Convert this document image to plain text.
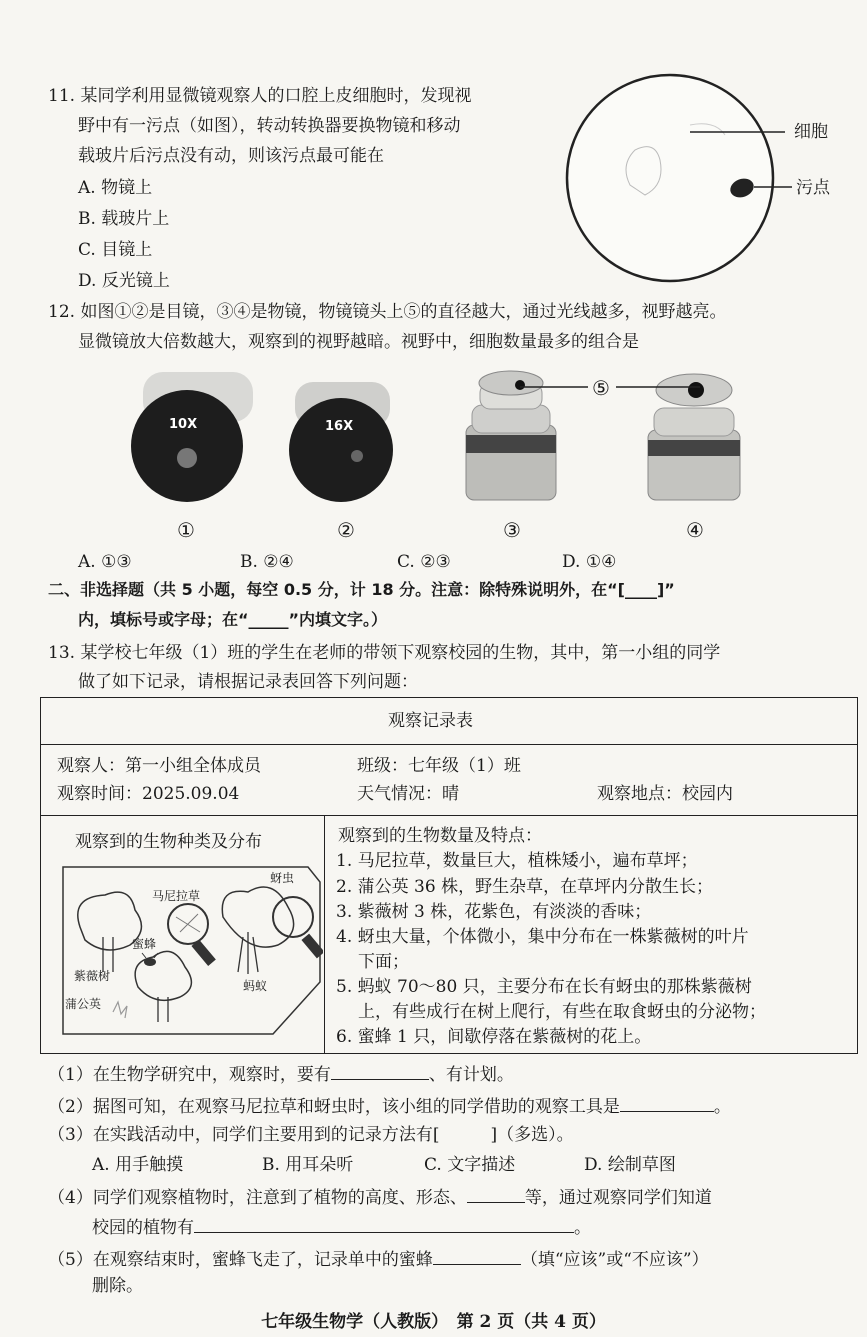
11. 某同学利用显微镜观察人的口腔上皮细胞时，发现视
野中有一污点（如图），转动转换器要换物镜和移动
载玻片后污点没有动，则该污点最可能在
A. 物镜上
B. 载玻片上
C. 目镜上
D. 反光镜上
细胞
污点
12. 如图①②是目镜，③④是物镜，物镜镜头上⑤的直径越大，通过光线越多，视野越亮。
显微镜放大倍数越大，观察到的视野越暗。视野中，细胞数量最多的组合是
10X	16X
⑤
①	②	③	④
A. ①③	B. ②④	C. ②③	D. ①④
二、非选择题（共 5 小题，每空 0.5 分，计 18 分。注意：除特殊说明外，在“[____]”
内，填标号或字母；在“_____”内填文字。）
13. 某学校七年级（1）班的学生在老师的带领下观察校园的生物，其中，第一小组的同学
做了如下记录，请根据记录表回答下列问题：
观察记录表
观察人：第一小组全体成员	班级：七年级（1）班
观察时间：2025.09.04	天气情况：晴	观察地点：校园内
观察到的生物种类及分布
蚜虫
马尼拉草
蜜蜂
紫薇树
蚂蚁
蒲公英
观察到的生物数量及特点：
1. 马尼拉草，数量巨大，植株矮小，遍布草坪；
2. 蒲公英 36 株，野生杂草，在草坪内分散生长；
3. 紫薇树 3 株，花紫色，有淡淡的香味；
4. 蚜虫大量，个体微小，集中分布在一株紫薇树的叶片
下面；
5. 蚂蚁 70～80 只，主要分布在长有蚜虫的那株紫薇树
上，有些成行在树上爬行，有些在取食蚜虫的分泌物；
6. 蜜蜂 1 只，间歇停落在紫薇树的花上。
（1）在生物学研究中，观察时，要有	、有计划。
（2）据图可知，在观察马尼拉草和蚜虫时，该小组的同学借助的观察工具是	。
（3）在实践活动中，同学们主要用到的记录方法有[　　　]（多选）。
A. 用手触摸	B. 用耳朵听	C. 文字描述	D. 绘制草图
（4）同学们观察植物时，注意到了植物的高度、形态、	等，通过观察同学们知道
校园的植物有	。
（5）在观察结束时，蜜蜂飞走了，记录单中的蜜蜂	（填“应该”或“不应该”）
删除。
七年级生物学（人教版）　第 2 页（共 4 页）
